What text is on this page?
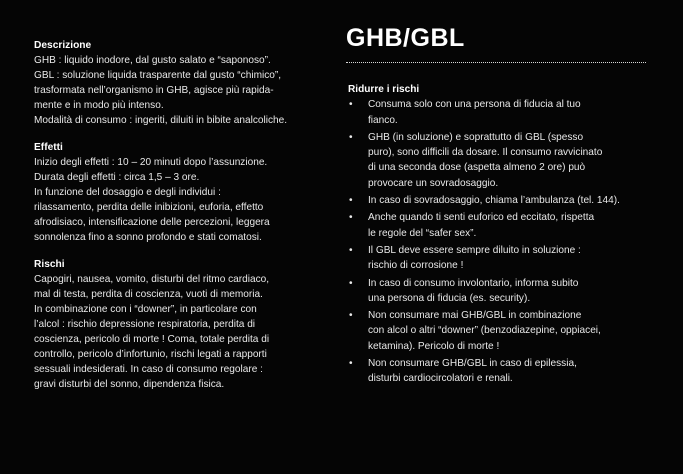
Descrizione

GHB : liquido inodore, dal gusto salato e “saponoso”.

GBL : soluzione liquida trasparente dal gusto “chimico”,

trasformata nell’organismo in GHB, agisce più rapida-

mente e in modo più intenso.

Modalità di consumo : ingeriti, diluiti in bibite analcoliche.

Effetti

Inizio degli effetti : 10 – 20 minuti dopo l’assunzione.

Durata degli effetti : circa 1,5 – 3 ore.

In funzione del dosaggio e degli individui :

rilassamento, perdita delle inibizioni, euforia, effetto

afrodisiaco, intensificazione delle percezioni, leggera

sonnolenza fino a sonno profondo e stati comatosi.

Rischi

Capogiri, nausea, vomito, disturbi del ritmo cardiaco,

mal di testa, perdita di coscienza, vuoti di memoria.

In combinazione con i “downer”, in particolare con

l’alcol : rischio depressione respiratoria, perdita di

coscienza, pericolo di morte ! Coma, totale perdita di

controllo, pericolo d’infortunio, rischi legati a rapporti

sessuali indesiderati. In caso di consumo regolare :

gravi disturbi del sonno, dipendenza fisica.

GHB/GBL
Ridurre i rischi
• Consuma solo con una persona di fiducia al tuo
fianco.
• GHB (in soluzione) e soprattutto di GBL (spesso
puro), sono difficili da dosare. Il consumo ravvicinato
di una seconda dose (aspetta almeno 2 ore) può
provocare un sovradosaggio.
• In caso di sovradosaggio, chiama l’ambulanza (tel. 144).
• Anche quando ti senti euforico ed eccitato, rispetta
le regole del “safer sex”.
• Il GBL deve essere sempre diluito in soluzione :
rischio di corrosione !
• In caso di consumo involontario, informa subito
una persona di fiducia (es. security).
• Non consumare mai GHB/GBL in combinazione
con alcol o altri “downer” (benzodiazepine, oppiacei,
ketamina). Pericolo di morte !
• Non consumare GHB/GBL in caso di epilessia,
disturbi cardiocircolatori e renali.
